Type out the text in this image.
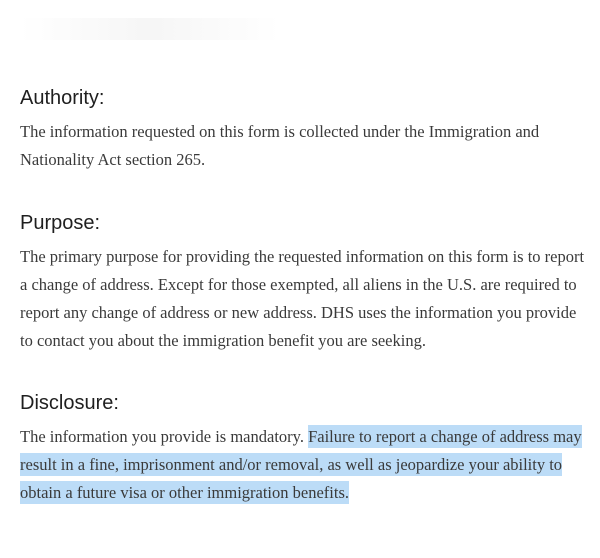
Authority:

The information requested on this form is collected under the Immigration and Nationality Act section 265.

Purpose:

The primary purpose for providing the requested information on this form is to report a change of address. Except for those exempted, all aliens in the U.S. are required to report any change of address or new address. DHS uses the information you provide to contact you about the immigration benefit you are seeking.

Disclosure:

The information you provide is mandatory. Failure to report a change of address may result in a fine, imprisonment and/or removal, as well as jeopardize your ability to obtain a future visa or other immigration benefits.
